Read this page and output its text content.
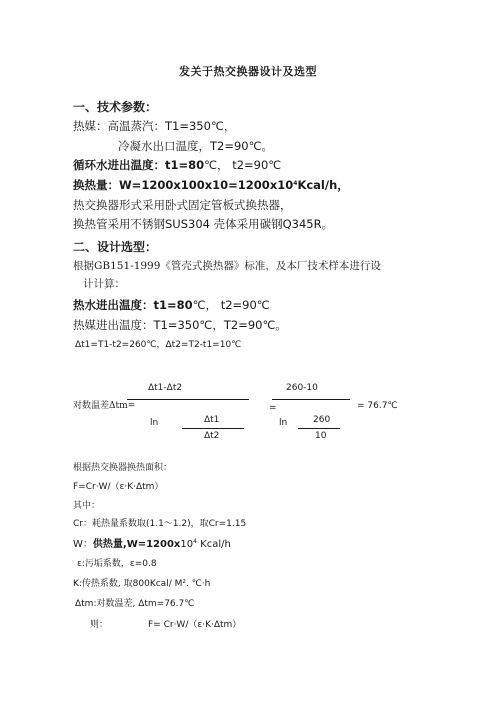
发关于热交换器设计及选型
一、技术参数：
热媒：高温蒸汽：T1=350℃，
冷凝水出口温度，T2=90℃。
循环水进出温度：t1=80℃， t2=90℃
换热量：$W=1200x100x10=1200x10^4Kcal/h$，
热交换器形式采用卧式固定管板式换热器，
换热管采用不锈钢SUS304 壳体采用碳钢Q345R。
二、设计选型：
根据GB151-1999《管壳式换热器》标准，及本厂技术样本进行设
计计算：
热水进出温度：t1=80℃， t2=90℃
热媒进出温度：T1=350℃，T2=90℃。
Δt1=T1-t2=260℃，Δt2=T2-t1=10℃
Δt1-Δt2
对数温差Δtm=
ln	Δt1
Δt2
=
260-10
ln	260
10
= 76.7℃
根据热交换器换热面积：
F=Cr·W/（ε·K·Δtm）
其中：
Cr：耗热量系数取(1.1～1.2)，取Cr=1.15
W：供热量$,W=1200x10^4$ Kcal/h
ε:污垢系数，ε=0.8
K:传热系数, 取800Kcal/ M². ℃·h
Δtm:对数温差, Δtm=76.7℃
则：	F= Cr·W/（ε·K·Δtm）
